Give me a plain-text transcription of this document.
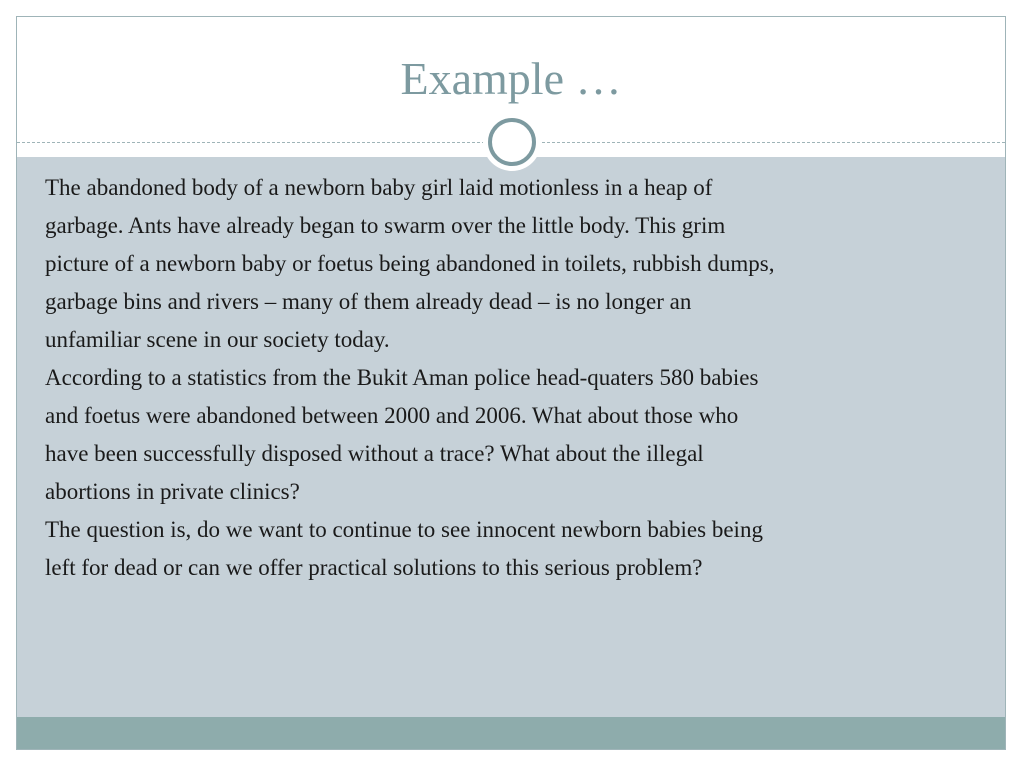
Example …

The abandoned body of a newborn baby girl laid motionless in a heap of

garbage. Ants have already began to swarm over the little body. This grim

picture of a newborn baby or foetus being abandoned in toilets, rubbish dumps,

garbage bins and rivers – many of them already dead – is no longer an

unfamiliar scene in our society today.

According to a statistics from the Bukit Aman police head-quaters 580 babies

and foetus were abandoned between 2000 and 2006. What about those who

have been successfully disposed without a trace? What about the illegal

abortions in private clinics?

The question is, do we want to continue to see innocent newborn babies being

left for dead or can we offer practical solutions to this serious problem?
